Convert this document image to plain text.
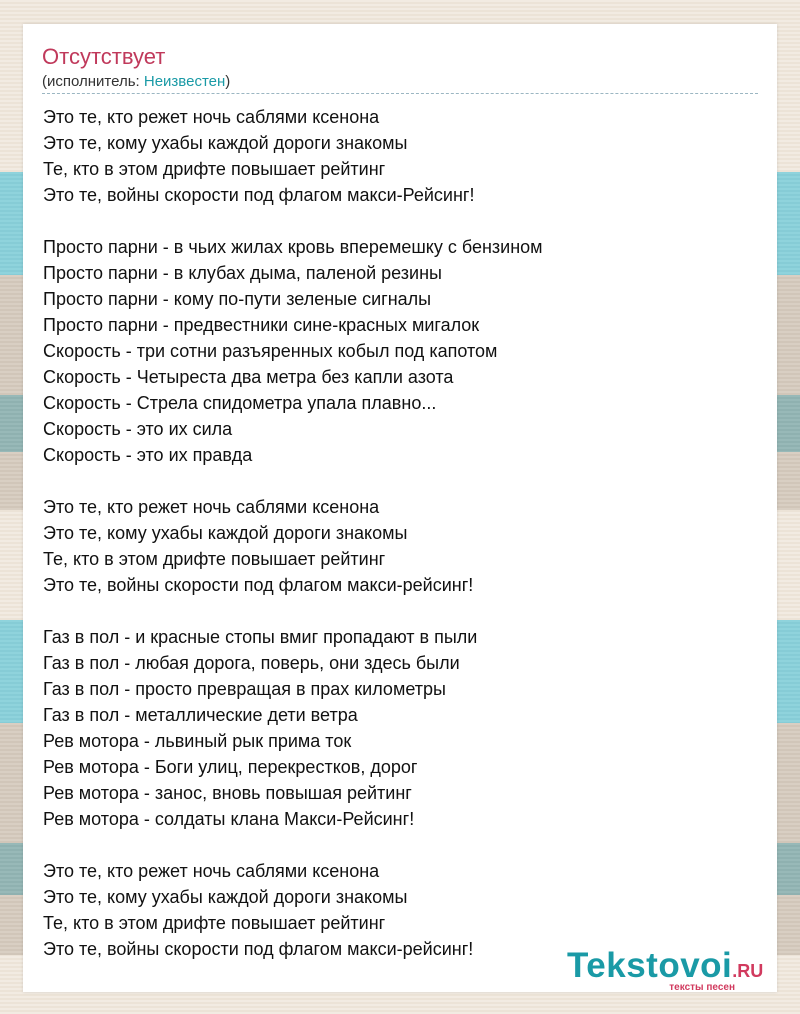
Отсутствует
(исполнитель: Неизвестен)
Это те, кто режет ночь саблями ксенона
Это те, кому ухабы каждой дороги знакомы
Те, кто в этом дрифте повышает рейтинг
Это те, войны скорости под флагом макси-Рейсинг!
Просто парни - в чьих жилах кровь вперемешку с бензином
Просто парни - в клубах дыма, паленой резины
Просто парни - кому по-пути зеленые сигналы
Просто парни - предвестники сине-красных мигалок
Скорость - три сотни разъяренных кобыл под капотом
Скорость - Четыреста два метра без капли азота
Скорость - Стрела спидометра упала плавно...
Скорость - это их сила
Скорость - это их правда
Это те, кто режет ночь саблями ксенона
Это те, кому ухабы каждой дороги знакомы
Те, кто в этом дрифте повышает рейтинг
Это те, войны скорости под флагом макси-рейсинг!
Газ в пол - и красные стопы вмиг пропадают в пыли
Газ в пол - любая дорога, поверь, они здесь были
Газ в пол - просто превращая в прах километры
Газ в пол - металлические дети ветра
Рев мотора - львиный рык прима ток
Рев мотора - Боги улиц, перекрестков, дорог
Рев мотора - занос, вновь повышая рейтинг
Рев мотора - солдаты клана Макси-Рейсинг!
Это те, кто режет ночь саблями ксенона
Это те, кому ухабы каждой дороги знакомы
Те, кто в этом дрифте повышает рейтинг
Это те, войны скорости под флагом макси-рейсинг!	Tekstovoi.RU
тексты песен
